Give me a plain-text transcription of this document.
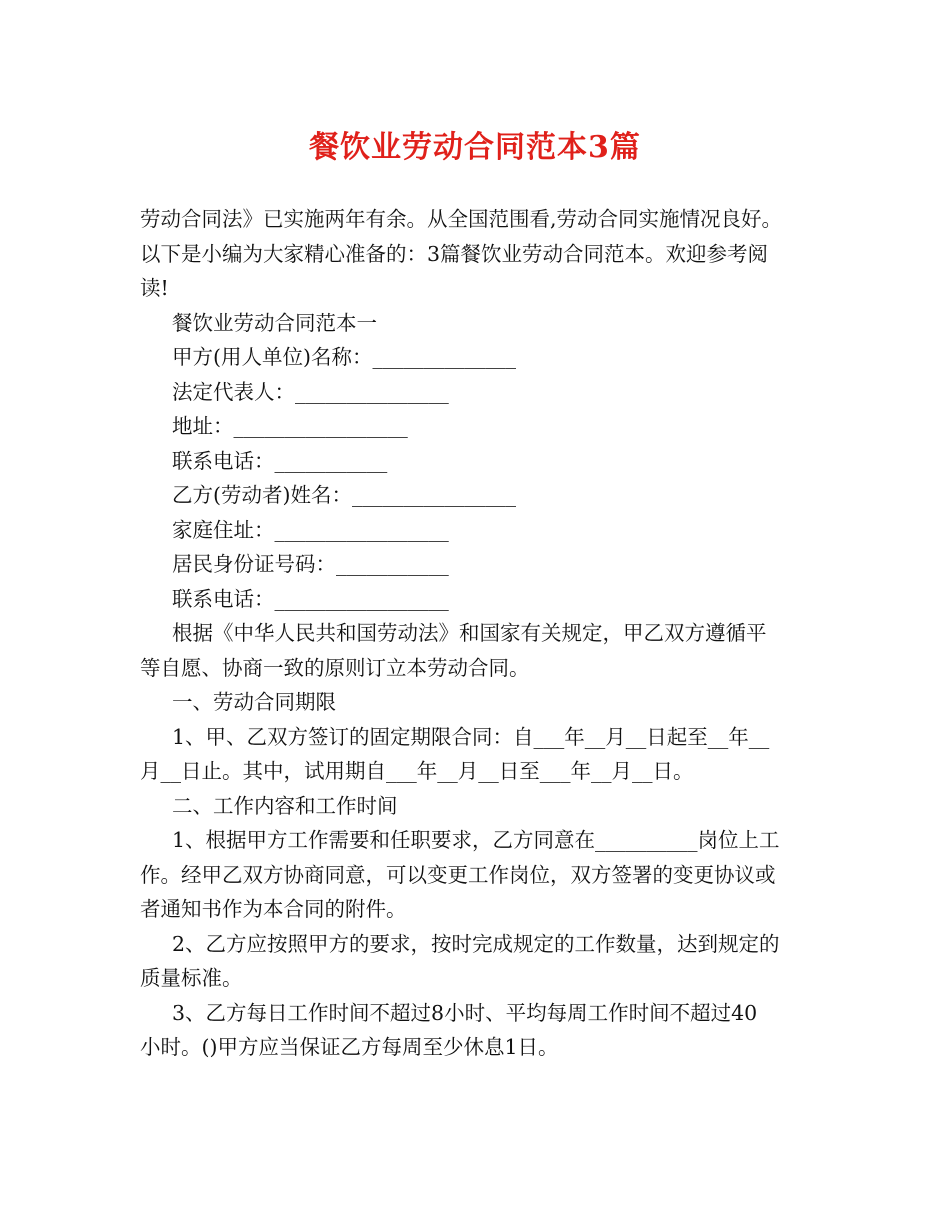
餐饮业劳动合同范本3篇
劳动合同法》已实施两年有余。从全国范围看,劳动合同实施情况良好。
以下是小编为大家精心准备的：3篇餐饮业劳动合同范本。欢迎参考阅
读!
餐饮业劳动合同范本一
甲方(用人单位)名称：______________
法定代表人：_______________
地址：_________________
联系电话：___________
乙方(劳动者)姓名：________________
家庭住址：_________________
居民身份证号码：___________
联系电话：_________________
根据《中华人民共和国劳动法》和国家有关规定，甲乙双方遵循平
等自愿、协商一致的原则订立本劳动合同。
一、劳动合同期限
1、甲、乙双方签订的固定期限合同：自___年__月__日起至__年__
月__日止。其中，试用期自___年__月__日至___年__月__日。
二、工作内容和工作时间
1、根据甲方工作需要和任职要求，乙方同意在__________岗位上工
作。经甲乙双方协商同意，可以变更工作岗位，双方签署的变更协议或
者通知书作为本合同的附件。
2、乙方应按照甲方的要求，按时完成规定的工作数量，达到规定的
质量标准。
3、乙方每日工作时间不超过8小时、平均每周工作时间不超过40
小时。()甲方应当保证乙方每周至少休息1日。
